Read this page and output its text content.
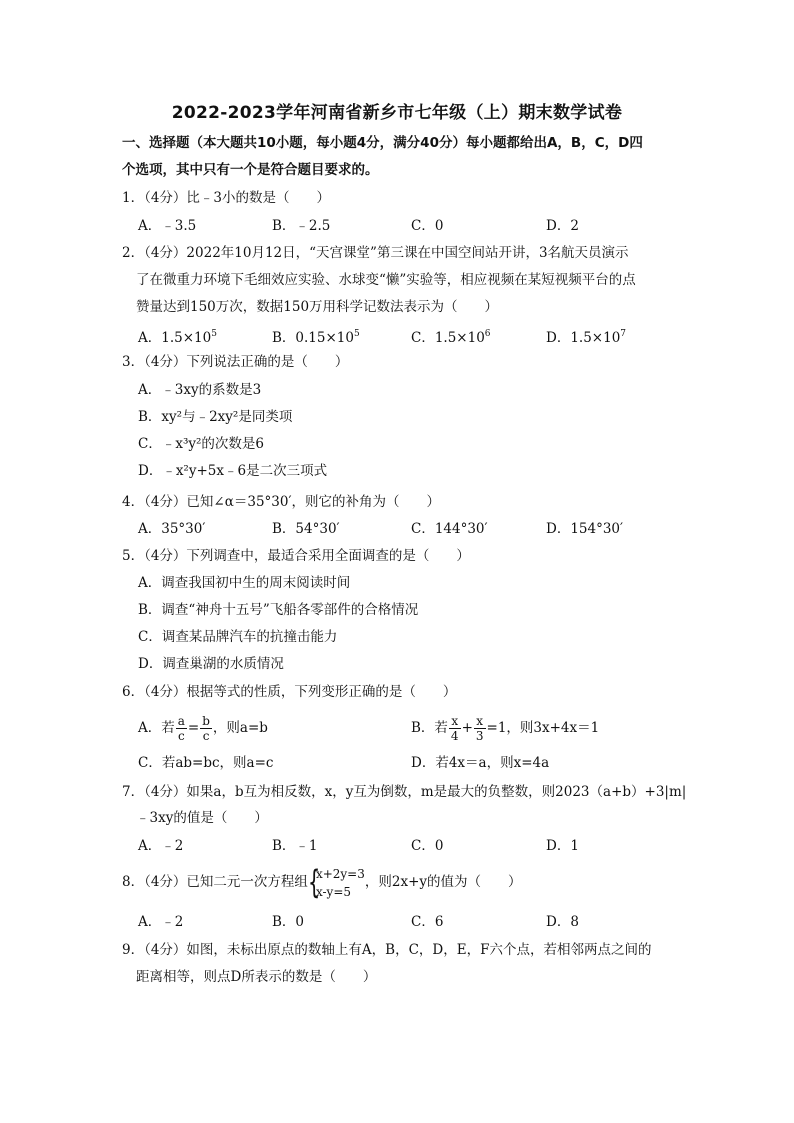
2022-2023学年河南省新乡市七年级（上）期末数学试卷
一、选择题（本大题共10小题，每小题4分，满分40分）每小题都给出A，B，C，D四
个选项，其中只有一个是符合题目要求的。
1．（4分）比﹣3小的数是（　　）
A．﹣3.5	B．﹣2.5	C．0	D．2
2．（4分）2022年10月12日，“天宫课堂”第三课在中国空间站开讲，3名航天员演示
了在微重力环境下毛细效应实验、水球变“懒”实验等，相应视频在某短视频平台的点
赞量达到150万次，数据150万用科学记数法表示为（　　）
A．$1.5\times 10^5$	B．$0.15\times 10^5$	C．$1.5\times 10^6$	D．$1.5\times 10^7$
3．（4分）下列说法正确的是（　　）
A．﹣3xy的系数是3
B．xy²与﹣2xy²是同类项
C．﹣x³y²的次数是6
D．﹣x²y+5x﹣6是二次三项式
4．（4分）已知∠α＝35°30′，则它的补角为（　　）
A．35°30′	B．54°30′	C．144°30′	D．154°30′
5．（4分）下列调查中，最适合采用全面调查的是（　　）
A．调查我国初中生的周末阅读时间
B．调查“神舟十五号”飞船各零部件的合格情况
C．调查某品牌汽车的抗撞击能力
D．调查巢湖的水质情况
6．（4分）根据等式的性质，下列变形正确的是（　　）
A．若 $\frac{a}{c} = \frac{b}{c}$ ，则a=b	B．若 $\frac{x}{4} + \frac{x}{3} =1$，则3x+4x＝1
C．若ab=bc，则a=c	D．若4x＝a，则x=4a
7．（4分）如果a，b互为相反数，x，y互为倒数，m是最大的负整数，则2023（a+b）+3|m|
﹣3xy的值是（　　）
A．﹣2	B．﹣1	C．0	D．1
8．（4分）已知二元一次方程组 {
x+2y=3
x-y=5
，则2x+y的值为（　　）
A．﹣2	B．0	C．6	D．8
9．（4分）如图，未标出原点的数轴上有A，B，C，D，E，F六个点，若相邻两点之间的
距离相等，则点D所表示的数是（　　）
